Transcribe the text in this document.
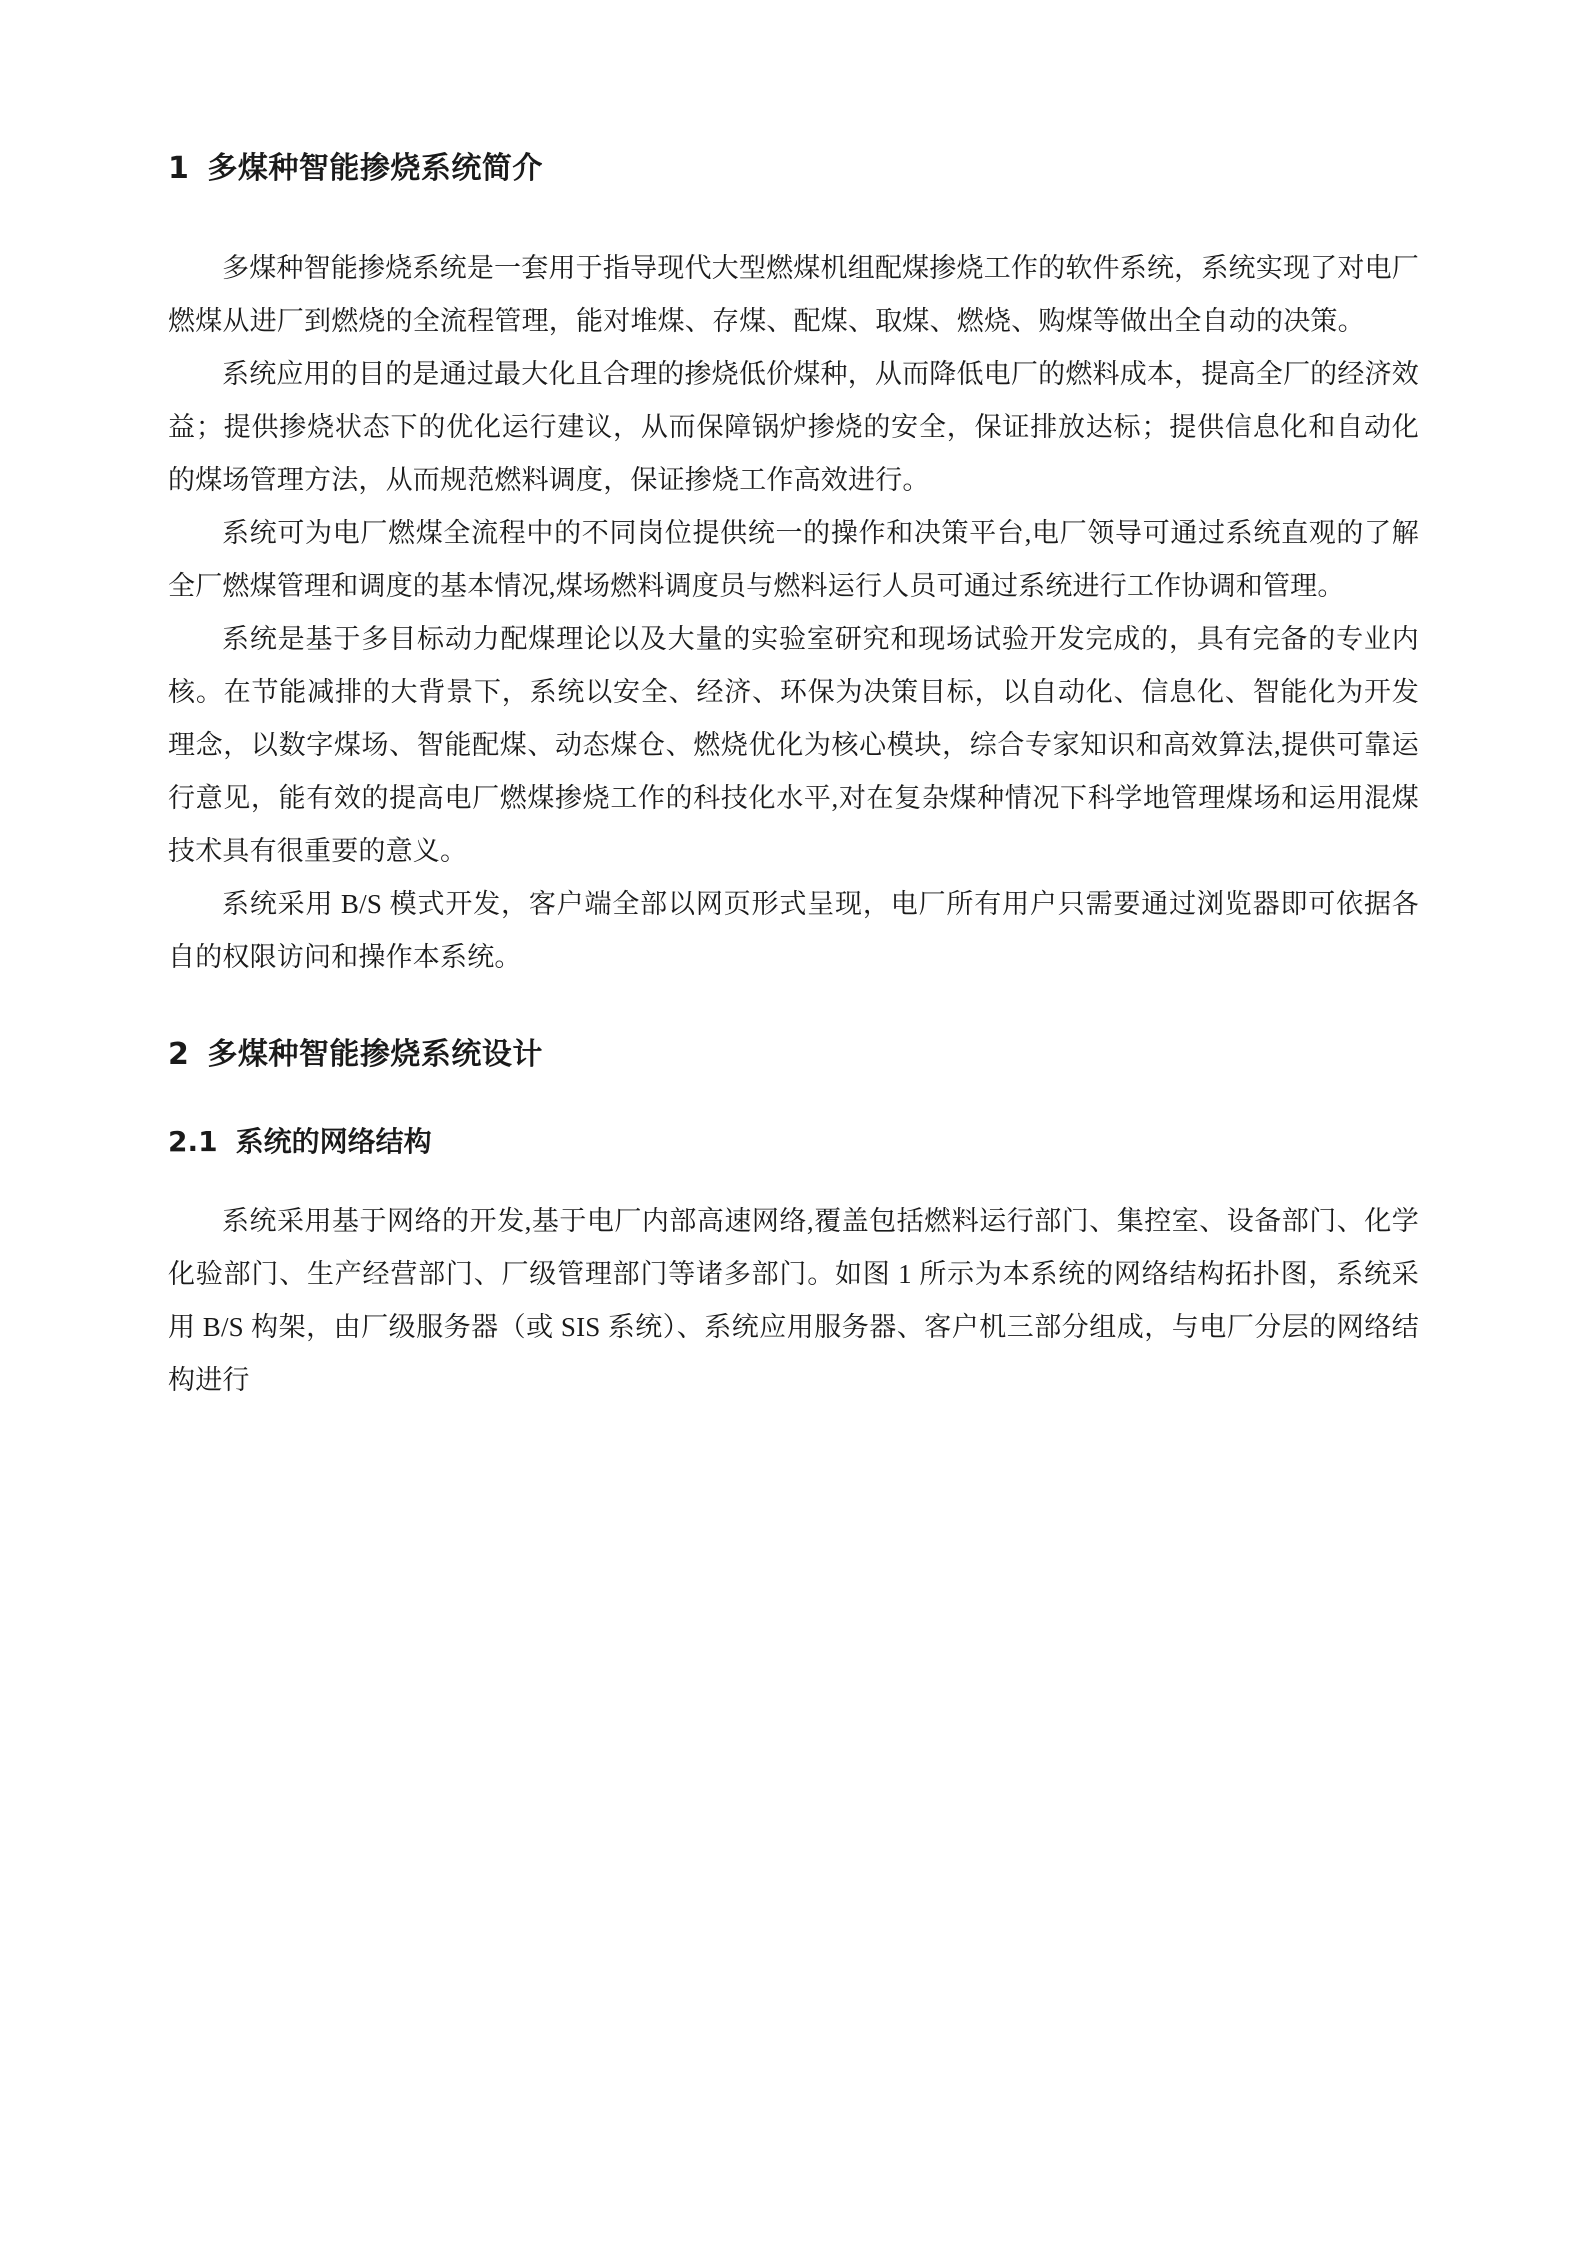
1 多煤种智能掺烧系统简介

多煤种智能掺烧系统是一套用于指导现代大型燃煤机组配煤掺烧工作的软件系统，系统实现了对电厂燃煤从进厂到燃烧的全流程管理，能对堆煤、存煤、配煤、取煤、燃烧、购煤等做出全自动的决策。

系统应用的目的是通过最大化且合理的掺烧低价煤种，从而降低电厂的燃料成本，提高全厂的经济效益；提供掺烧状态下的优化运行建议，从而保障锅炉掺烧的安全，保证排放达标；提供信息化和自动化的煤场管理方法，从而规范燃料调度，保证掺烧工作高效进行。

系统可为电厂燃煤全流程中的不同岗位提供统一的操作和决策平台,电厂领导可通过系统直观的了解全厂燃煤管理和调度的基本情况,煤场燃料调度员与燃料运行人员可通过系统进行工作协调和管理。

系统是基于多目标动力配煤理论以及大量的实验室研究和现场试验开发完成的，具有完备的专业内核。在节能减排的大背景下，系统以安全、经济、环保为决策目标，以自动化、信息化、智能化为开发理念，以数字煤场、智能配煤、动态煤仓、燃烧优化为核心模块，综合专家知识和高效算法,提供可靠运行意见，能有效的提高电厂燃煤掺烧工作的科技化水平,对在复杂煤种情况下科学地管理煤场和运用混煤技术具有很重要的意义。

系统采用 B/S 模式开发，客户端全部以网页形式呈现，电厂所有用户只需要通过浏览器即可依据各自的权限访问和操作本系统。

2 多煤种智能掺烧系统设计
2.1 系统的网络结构

系统采用基于网络的开发,基于电厂内部高速网络,覆盖包括燃料运行部门、集控室、设备部门、化学化验部门、生产经营部门、厂级管理部门等诸多部门。如图 1 所示为本系统的网络结构拓扑图，系统采用 B/S 构架，由厂级服务器（或 SIS 系统）、系统应用服务器、客户机三部分组成，与电厂分层的网络结构进行
